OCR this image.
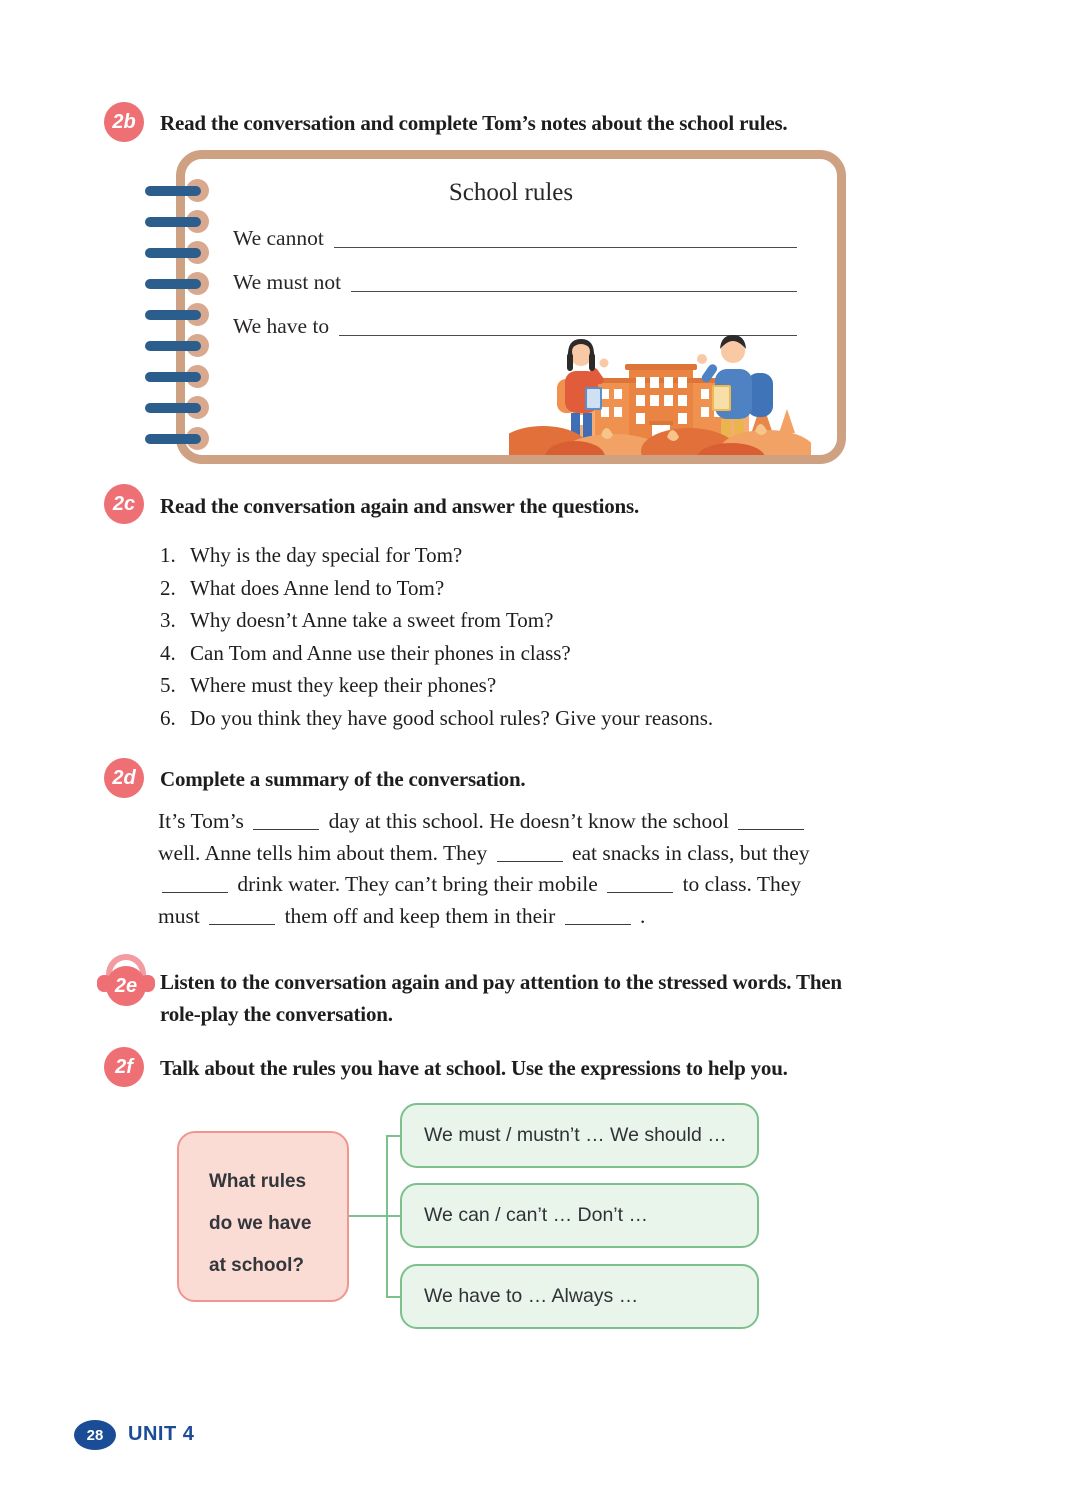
2b	Read the conversation and complete Tom’s notes about the school rules.
School rules
We cannot
We must not
We have to
2c	Read the conversation again and answer the questions.
1. Why is the day special for Tom?
2. What does Anne lend to Tom?
3. Why doesn’t Anne take a sweet from Tom?
4. Can Tom and Anne use their phones in class?
5. Where must they keep their phones?
6. Do you think they have good school rules? Give your reasons.
2d	Complete a summary of the conversation.
It’s Tom’s	day at this school. He doesn’t know the school
well. Anne tells him about them. They	eat snacks in class, but they
drink water. They can’t bring their mobile	to class. They
must	them off and keep them in their	.
2e	Listen to the conversation again and pay attention to the stressed words. Then
role-play the conversation.
2f	Talk about the rules you have at school. Use the expressions to help you.
What rules
do we have
at school?
We must / mustn’t … We should …
We can / can’t … Don’t …
We have to … Always …
28	UNIT 4
